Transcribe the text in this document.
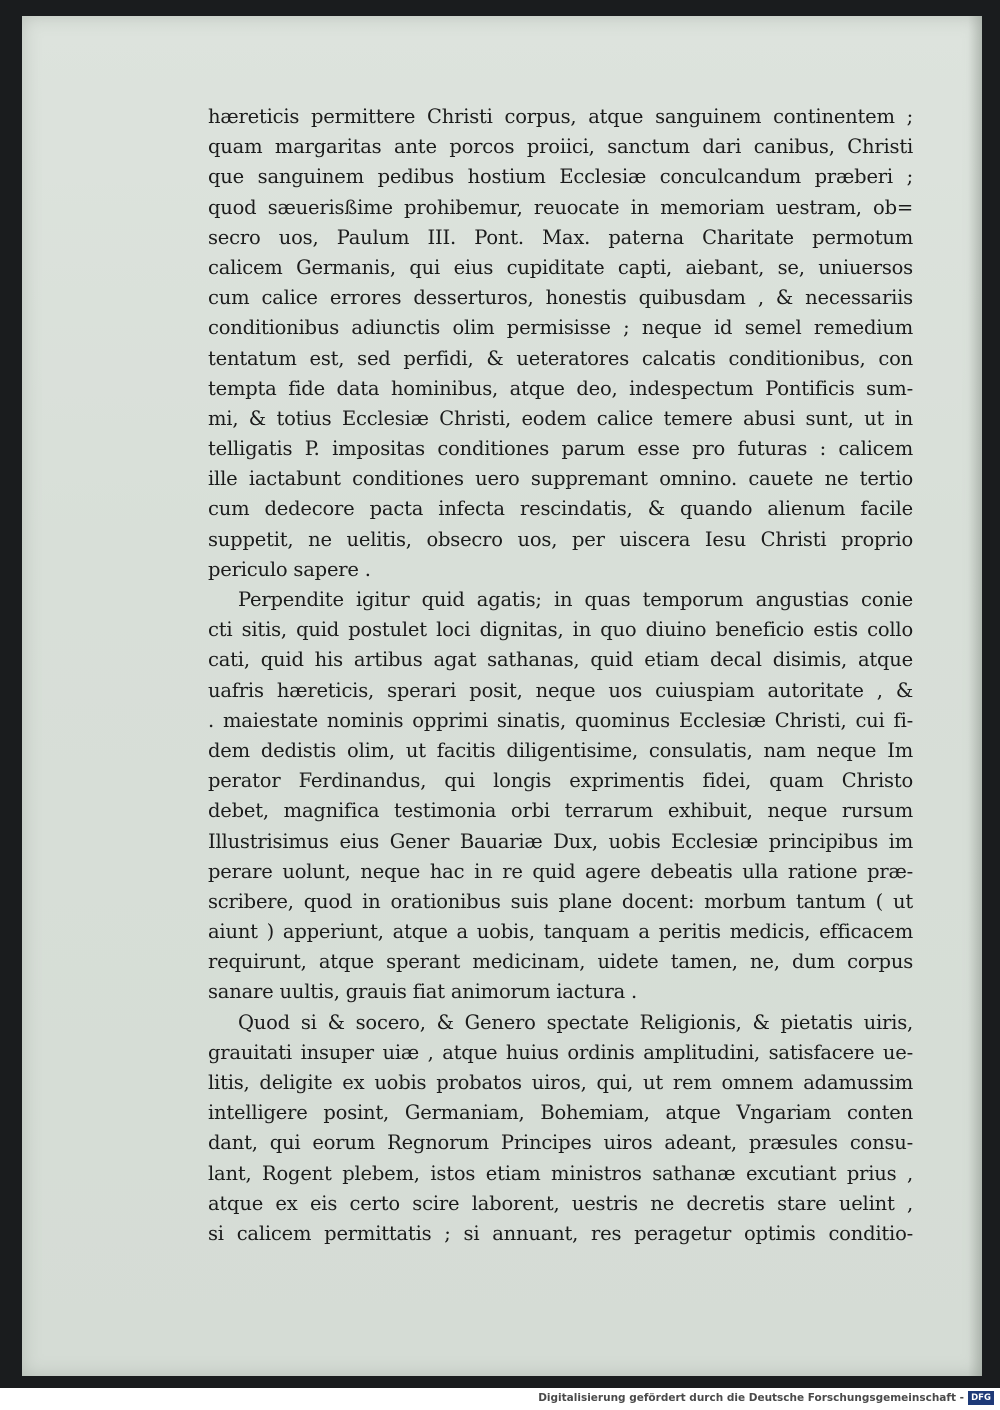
hæreticis permittere Christi corpus, atque sanguinem continentem ;
quam margaritas ante porcos proiici, sanctum dari canibus, Christi
que sanguinem pedibus hostium Ecclesiæ conculcandum præberi ;
quod sæuerisßime prohibemur, reuocate in memoriam uestram, ob=
secro uos, Paulum III. Pont. Max. paterna Charitate permotum
calicem Germanis, qui eius cupiditate capti, aiebant, se, uniuersos
cum calice errores desserturos, honestis quibusdam , & necessariis
conditionibus adiunctis olim permisisse ; neque id semel remedium
tentatum est, sed perfidi, & ueteratores calcatis conditionibus, con
tempta fide data hominibus, atque deo, indespectum Pontificis sum-
mi, & totius Ecclesiæ Christi, eodem calice temere abusi sunt, ut in
telligatis P. impositas conditiones parum esse pro futuras : calicem
ille iactabunt conditiones uero suppremant omnino. cauete ne tertio
cum dedecore pacta infecta rescindatis, & quando alienum facile
suppetit, ne uelitis, obsecro uos, per uiscera Iesu Christi proprio
periculo sapere .
Perpendite igitur quid agatis; in quas temporum angustias conie
cti sitis, quid postulet loci dignitas, in quo diuino beneficio estis collo
cati, quid his artibus agat sathanas, quid etiam decal disimis, atque
uafris hæreticis, sperari posit, neque uos cuiuspiam autoritate , &
. maiestate nominis opprimi sinatis, quominus Ecclesiæ Christi, cui fi-
dem dedistis olim, ut facitis diligentisime, consulatis, nam neque Im
perator Ferdinandus, qui longis exprimentis fidei, quam Christo
debet, magnifica testimonia orbi terrarum exhibuit, neque rursum
Illustrisimus eius Gener Bauariæ Dux, uobis Ecclesiæ principibus im
perare uolunt, neque hac in re quid agere debeatis ulla ratione præ-
scribere, quod in orationibus suis plane docent: morbum tantum ( ut
aiunt ) apperiunt, atque a uobis, tanquam a peritis medicis, efficacem
requirunt, atque sperant medicinam, uidete tamen, ne, dum corpus
sanare uultis, grauis fiat animorum iactura .
Quod si & socero, & Genero spectate Religionis, & pietatis uiris,
grauitati insuper uiæ , atque huius ordinis amplitudini, satisfacere ue-
litis, deligite ex uobis probatos uiros, qui, ut rem omnem adamussim
intelligere posint, Germaniam, Bohemiam, atque Vngariam conten
dant, qui eorum Regnorum Principes uiros adeant, præsules consu-
lant, Rogent plebem, istos etiam ministros sathanæ excutiant prius ,
atque ex eis certo scire laborent, uestris ne decretis stare uelint ,
si calicem permittatis ; si annuant, res peragetur optimis conditio-
Digitalisierung gefördert durch die Deutsche Forschungsgemeinschaft - DFG
